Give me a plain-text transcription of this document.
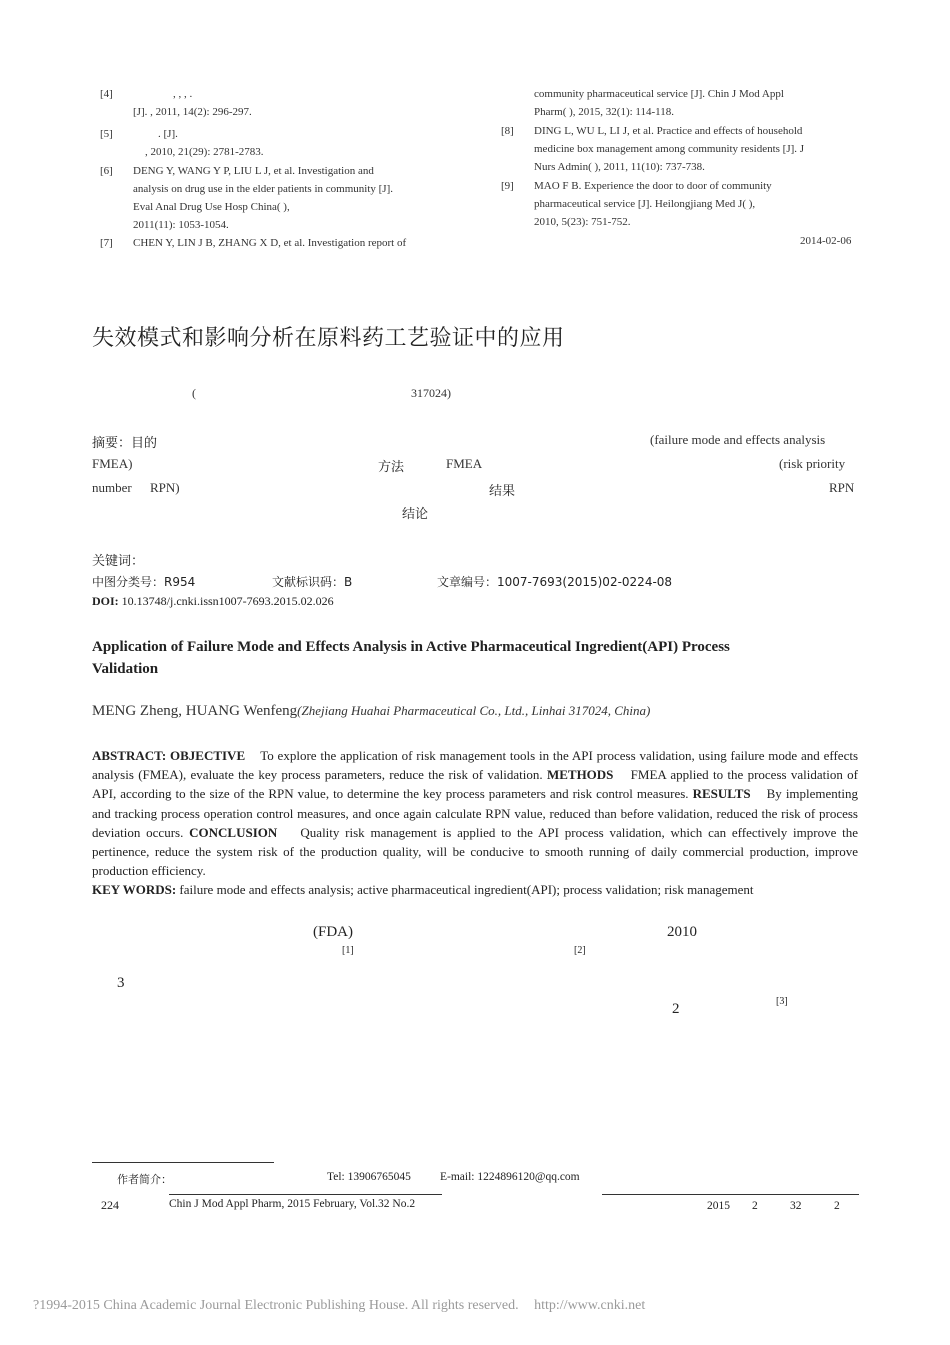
[4]	, , , .
[J]. , 2011, 14(2): 296-297.
[5]	. [J].
, 2010, 21(29): 2781-2783.
[6] DENG Y, WANG Y P, LIU L J, et al. Investigation and
analysis on drug use in the elder patients in community [J].
Eval Anal Drug Use Hosp China( ),
2011(11): 1053-1054.
[7] CHEN Y, LIN J B, ZHANG X D, et al. Investigation report of
community pharmaceutical service [J]. Chin J Mod Appl
Pharm( ), 2015, 32(1): 114-118.
[8] DING L, WU L, LI J, et al. Practice and effects of household
medicine box management among community residents [J]. J
Nurs Admin( ), 2011, 11(10): 737-738.
[9] MAO F B. Experience the door to door of community
pharmaceutical service [J]. Heilongjiang Med J( ),
2010, 5(23): 751-752.
2014-02-06
失效模式和影响分析在原料药工艺验证中的应用
(	317024)
摘要：目的	(failure mode and effects analysis
FMEA)	方法	FMEA	(risk priority
number RPN)	结果	RPN
结论
关键词：
中图分类号：R954	文献标识码：B	文章编号：1007-7693(2015)02-0224-08
DOI: 10.13748/j.cnki.issn1007-7693.2015.02.026
Application of Failure Mode and Effects Analysis in Active Pharmaceutical Ingredient(API) Process
Validation
MENG Zheng, HUANG Wenfeng(Zhejiang Huahai Pharmaceutical Co., Ltd., Linhai 317024, China)
ABSTRACT: OBJECTIVE To explore the application of risk management tools in the API process validation, using failure mode and effects analysis (FMEA), evaluate the key process parameters, reduce the risk of validation. METHODS FMEA applied to the process validation of API, according to the size of the RPN value, to determine the key process parameters and risk control measures. RESULTS By implementing and tracking process operation control measures, and once again calculate RPN value, reduced than before validation, reduced the risk of process deviation occurs. CONCLUSION Quality risk management is applied to the API process validation, which can effectively improve the pertinence, reduce the system risk of the production quality, will be conducive to smooth running of daily commercial production, improve production efficiency.
KEY WORDS: failure mode and effects analysis; active pharmaceutical ingredient(API); process validation; risk management
(FDA)	2010
[1]	[2]
3
2	[3]
作者简介：	Tel: 13906765045	E-mail: 1224896120@qq.com
224	Chin J Mod Appl Pharm, 2015 February, Vol.32 No.2	2015 2	32	2
?1994-2015 China Academic Journal Electronic Publishing House. All rights reserved. http://www.cnki.net
